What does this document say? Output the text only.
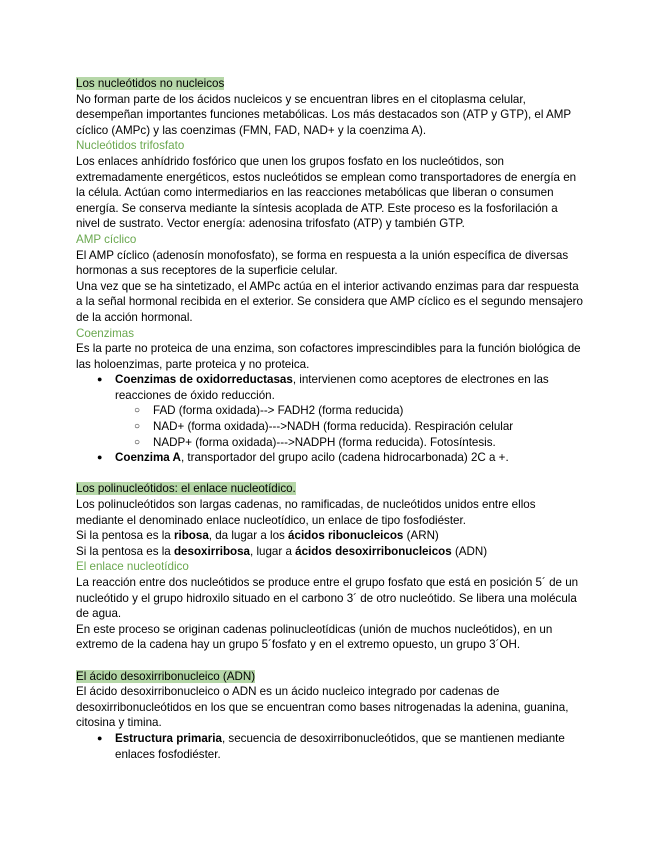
Los nucleótidos no nucleicos

No forman parte de los ácidos nucleicos y se encuentran libres en el citoplasma celular, desempeñan importantes funciones metabólicas. Los más destacados son (ATP y GTP), el AMP cíclico (AMPc) y las coenzimas (FMN, FAD, NAD+ y la coenzima A).

Nucleótidos trifosfato

Los enlaces anhídrido fosfórico que unen los grupos fosfato en los nucleótidos, son extremadamente energéticos, estos nucleótidos se emplean como transportadores de energía en la célula. Actúan como intermediarios en las reacciones metabólicas que liberan o consumen energía. Se conserva mediante la síntesis acoplada de ATP. Este proceso es la fosforilación a nivel de sustrato. Vector energía: adenosina trifosfato (ATP) y también GTP.

AMP cíclico

El AMP cíclico (adenosín monofosfato), se forma en respuesta a la unión específica de diversas hormonas a sus receptores de la superficie celular.

Una vez que se ha sintetizado, el AMPc actúa en el interior activando enzimas para dar respuesta a la señal hormonal recibida en el exterior. Se considera que AMP cíclico es el segundo mensajero de la acción hormonal.

Coenzimas

Es la parte no proteica de una enzima, son cofactores imprescindibles para la función biológica de las holoenzimas, parte proteica y no proteica.

● Coenzimas de oxidorreductasas, intervienen como aceptores de electrones en las reacciones de óxido reducción.
○ FAD (forma oxidada)--> FADH2 (forma reducida)
○ NAD+ (forma oxidada)--->NADH (forma reducida). Respiración celular
○ NADP+ (forma oxidada)--->NADPH (forma reducida). Fotosíntesis.
● Coenzima A, transportador del grupo acilo (cadena hidrocarbonada) 2C a +.

Los polinucleótidos: el enlace nucleotídico.

Los polinucleótidos son largas cadenas, no ramificadas, de nucleótidos unidos entre ellos mediante el denominado enlace nucleotídico, un enlace de tipo fosfodiéster.

Si la pentosa es la ribosa, da lugar a los ácidos ribonucleicos (ARN)

Si la pentosa es la desoxirribosa, lugar a ácidos desoxirribonucleicos (ADN)

El enlace nucleotídico

La reacción entre dos nucleótidos se produce entre el grupo fosfato que está en posición 5´ de un nucleótido y el grupo hidroxilo situado en el carbono 3´ de otro nucleótido. Se libera una molécula de agua.

En este proceso se originan cadenas polinucleotídicas (unión de muchos nucleótidos), en un extremo de la cadena hay un grupo 5´fosfato y en el extremo opuesto, un grupo 3´OH.

El ácido desoxirribonucleico (ADN)

El ácido desoxirribonucleico o ADN es un ácido nucleico integrado por cadenas de desoxirribonucleótidos en los que se encuentran como bases nitrogenadas la adenina, guanina, citosina y timina.

● Estructura primaria, secuencia de desoxirribonucleótidos, que se mantienen mediante enlaces fosfodiéster.
